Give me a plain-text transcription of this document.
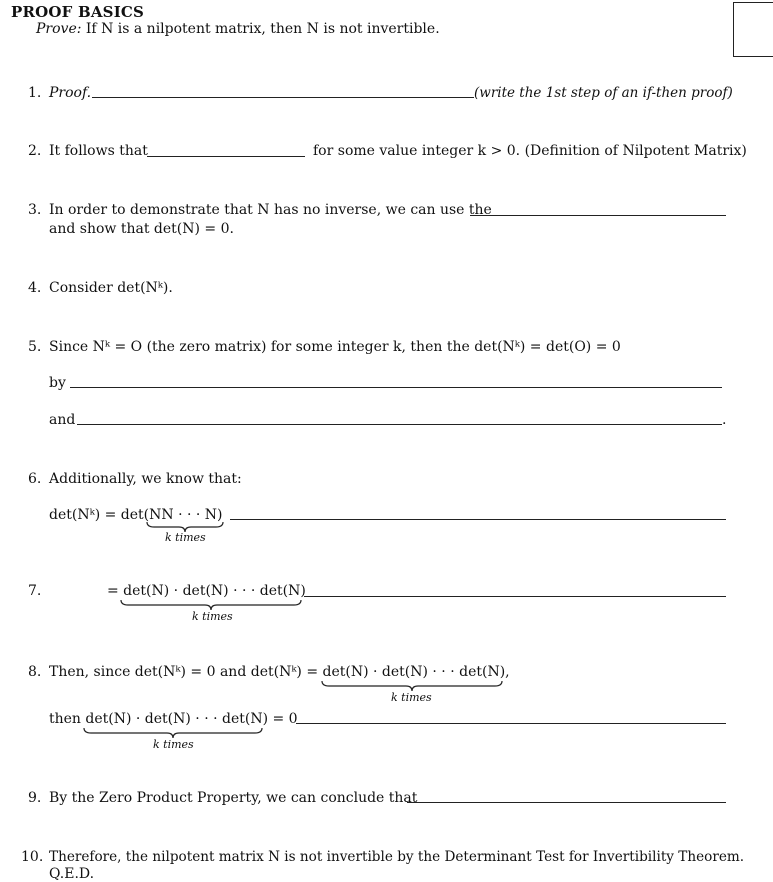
PROOF BASICS
Prove: If N is a nilpotent matrix, then N is not invertible.
1. Proof.	(write the 1st step of an if-then proof)
2. It follows that	for some value integer k > 0. (Definition of Nilpotent Matrix)
3. In order to demonstrate that N has no inverse, we can use the
and show that det(N) = 0.
4. Consider det(Nᵏ).
5. Since Nᵏ = O (the zero matrix) for some integer k, then the det(Nᵏ) = det(O) = 0
by
and	.
6. Additionally, we know that:
det(Nᵏ) = det(NN · · · N)
k times
7.	= det(N) · det(N) · · · det(N)
k times
8. Then, since det(Nᵏ) = 0 and det(Nᵏ) = det(N) · det(N) · · · det(N),
k times
then det(N) · det(N) · · · det(N) = 0
k times
9. By the Zero Product Property, we can conclude that
10. Therefore, the nilpotent matrix N is not invertible by the Determinant Test for Invertibility Theorem.
Q.E.D.
